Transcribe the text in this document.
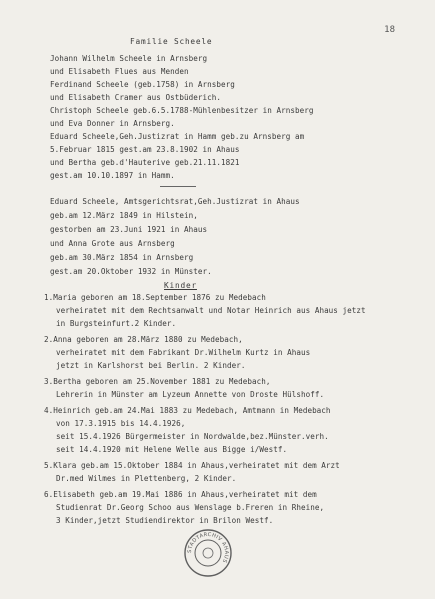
18
Familie Scheele
Johann Wilhelm Scheele in Arnsberg
und Elisabeth Flues aus Menden
Ferdinand Scheele (geb.1758) in Arnsberg
und Elisabeth Cramer aus Ostbüderich.
Christoph Scheele geb.6.5.1788-Mühlenbesitzer in Arnsberg
und Eva Donner in Arnsberg.
Eduard Scheele,Geh.Justizrat in Hamm geb.zu Arnsberg am
5.Februar 1815 gest.am 23.8.1902 in Ahaus
und Bertha geb.d'Hauterive geb.21.11.1821
gest.am 10.10.1897 in Hamm.
Eduard Scheele, Amtsgerichtsrat,Geh.Justizrat in Ahaus
geb.am 12.März 1849 in Hilstein,
gestorben am 23.Juni 1921 in Ahaus
und Anna Grote aus Arnsberg
geb.am 30.März 1854 in Arnsberg
gest.am 20.Oktober 1932 in Münster.
Kinder
1.Maria geboren am 18.September 1876 zu Medebach
verheiratet mit dem Rechtsanwalt und Notar Heinrich aus Ahaus jetzt
in Burgsteinfurt.2 Kinder.
2.Anna geboren am 28.März 1880 zu Medebach,
verheiratet mit dem Fabrikant Dr.Wilhelm Kurtz in Ahaus
jetzt in Karlshorst bei Berlin. 2 Kinder.
3.Bertha geboren am 25.November 1881 zu Medebach,
Lehrerin in Münster am Lyzeum Annette von Droste Hülshoff.
4.Heinrich geb.am 24.Mai 1883 zu Medebach, Amtmann in Medebach
von 17.3.1915 bis 14.4.1926,
seit 15.4.1926 Bürgermeister in Nordwalde,bez.Münster.verh.
seit 14.4.1920 mit Helene Welle aus Bigge i/Westf.
5.Klara geb.am 15.Oktober 1884 in Ahaus,verheiratet mit dem Arzt
Dr.med Wilmes in Plettenberg, 2 Kinder.
6.Elisabeth geb.am 19.Mai 1886 in Ahaus,verheiratet mit dem
Studienrat Dr.Georg Schoo aus Wenslage b.Freren in Rheine,
3 Kinder,jetzt Studiendirektor in Brilon Westf.
STADTARCHIV AHAUS
